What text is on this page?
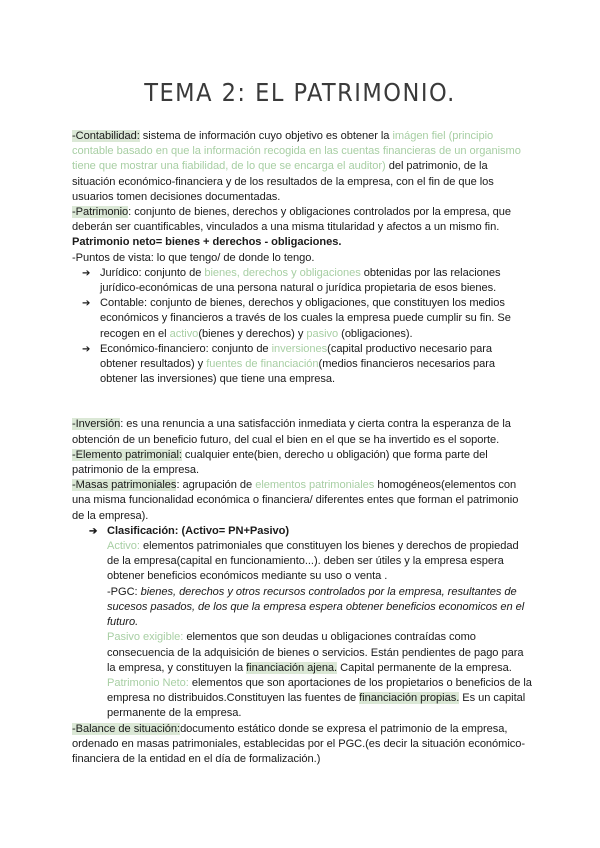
TEMA 2: EL PATRIMONIO.

-Contabilidad: sistema de información cuyo objetivo es obtener la imágen fiel (principio contable basado en que la información recogida en las cuentas financieras de un organismo tiene que mostrar una fiabilidad, de lo que se encarga el auditor) del patrimonio, de la situación económico-financiera y de los resultados de la empresa, con el fin de que los usuarios tomen decisiones documentadas.

-Patrimonio: conjunto de bienes, derechos y obligaciones controlados por la empresa, que deberán ser cuantificables, vinculados a una misma titularidad y afectos a un mismo fin.

Patrimonio neto= bienes + derechos - obligaciones.

-Puntos de vista: lo que tengo/ de donde lo tengo.

➔ Jurídico: conjunto de bienes, derechos y obligaciones obtenidas por las relaciones jurídico-económicas de una persona natural o jurídica propietaria de esos bienes.

➔ Contable: conjunto de bienes, derechos y obligaciones, que constituyen los medios económicos y financieros a través de los cuales la empresa puede cumplir su fin. Se recogen en el activo(bienes y derechos) y pasivo (obligaciones).

➔ Económico-financiero: conjunto de inversiones(capital productivo necesario para obtener resultados) y fuentes de financiación(medios financieros necesarios para obtener las inversiones) que tiene una empresa.

-Inversión: es una renuncia a una satisfacción inmediata y cierta contra la esperanza de la obtención de un beneficio futuro, del cual el bien en el que se ha invertido es el soporte.

-Elemento patrimonial: cualquier ente(bien, derecho u obligación) que forma parte del patrimonio de la empresa.

-Masas patrimoniales: agrupación de elementos patrimoniales homogéneos(elementos con una misma funcionalidad económica o financiera/ diferentes entes que forman el patrimonio de la empresa).

➔ Clasificación: (Activo= PN+Pasivo)

Activo: elementos patrimoniales que constituyen los bienes y derechos de propiedad de la empresa(capital en funcionamiento...). deben ser útiles y la empresa espera obtener beneficios económicos mediante su uso o venta .

-PGC: bienes, derechos y otros recursos controlados por la empresa, resultantes de sucesos pasados, de los que la empresa espera obtener beneficios economicos en el futuro.

Pasivo exigible: elementos que son deudas u obligaciones contraídas como consecuencia de la adquisición de bienes o servicios. Están pendientes de pago para la empresa, y constituyen la financiación ajena. Capital permanente de la empresa.

Patrimonio Neto: elementos que son aportaciones de los propietarios o beneficios de la empresa no distribuidos.Constituyen las fuentes de financiación propias. Es un capital permanente de la empresa.

-Balance de situación:documento estático donde se expresa el patrimonio de la empresa, ordenado en masas patrimoniales, establecidas por el PGC.(es decir la situación económico-financiera de la entidad en el día de formalización.)
